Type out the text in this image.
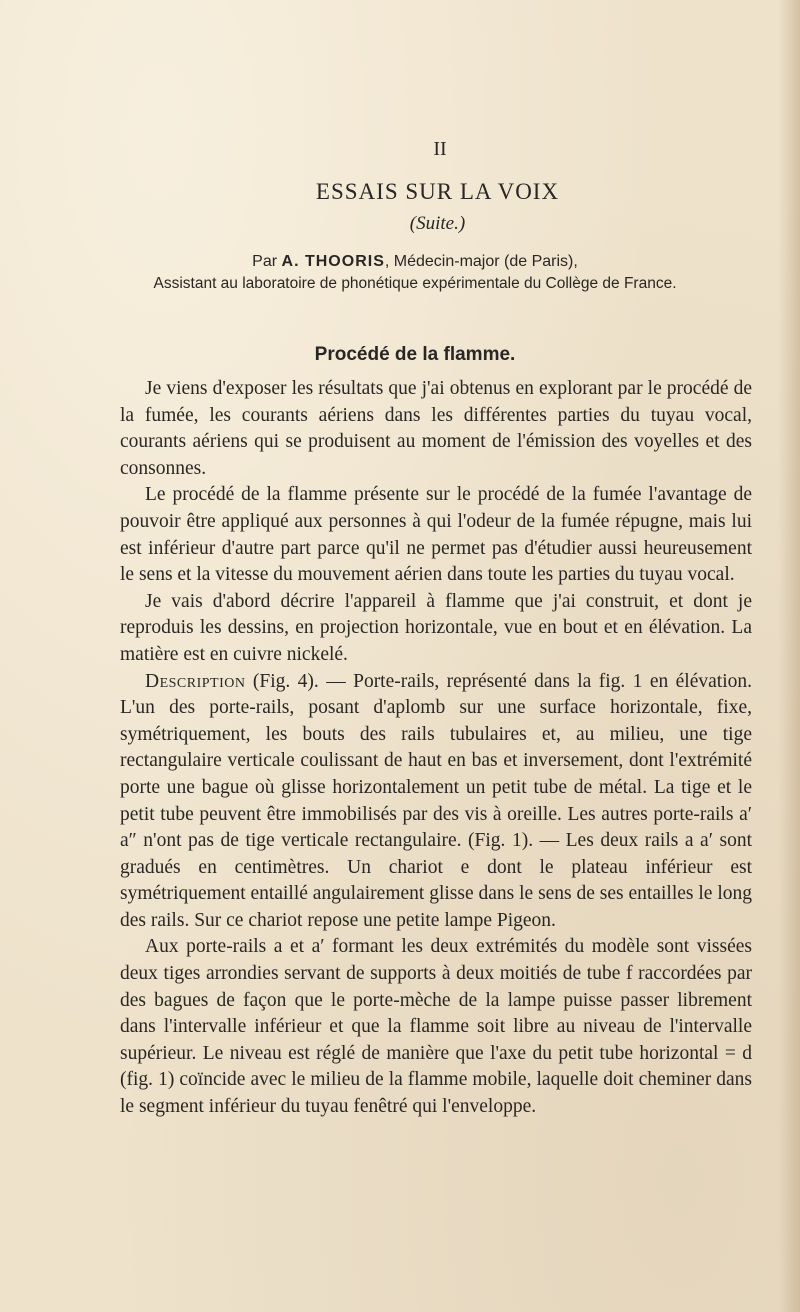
II
ESSAIS SUR LA VOIX
(Suite.)
Par A. THOORIS, Médecin-major (de Paris),
Assistant au laboratoire de phonétique expérimentale du Collège de France.
Procédé de la flamme.

Je viens d'exposer les résultats que j'ai obtenus en explorant par le procédé de la fumée, les courants aériens dans les différentes parties du tuyau vocal, courants aériens qui se produisent au moment de l'émission des voyelles et des consonnes.

Le procédé de la flamme présente sur le procédé de la fumée l'avantage de pouvoir être appliqué aux personnes à qui l'odeur de la fumée répugne, mais lui est inférieur d'autre part parce qu'il ne permet pas d'étudier aussi heureusement le sens et la vitesse du mouvement aérien dans toute les parties du tuyau vocal.

Je vais d'abord décrire l'appareil à flamme que j'ai construit, et dont je reproduis les dessins, en projection horizontale, vue en bout et en élévation. La matière est en cuivre nickelé.

Description (Fig. 4). — Porte-rails, représenté dans la fig. 1 en élévation. L'un des porte-rails, posant d'aplomb sur une surface horizontale, fixe, symétriquement, les bouts des rails tubulaires et, au milieu, une tige rectangulaire verticale coulissant de haut en bas et inversement, dont l'extrémité porte une bague où glisse horizontalement un petit tube de métal. La tige et le petit tube peuvent être immobilisés par des vis à oreille. Les autres porte-rails a′ a″ n'ont pas de tige verticale rectangulaire. (Fig. 1). — Les deux rails a a′ sont gradués en centimètres. Un chariot e dont le plateau inférieur est symétriquement entaillé angulairement glisse dans le sens de ses entailles le long des rails. Sur ce chariot repose une petite lampe Pigeon.

Aux porte-rails a et a′ formant les deux extrémités du modèle sont vissées deux tiges arrondies servant de supports à deux moitiés de tube f raccordées par des bagues de façon que le porte-mèche de la lampe puisse passer librement dans l'intervalle inférieur et que la flamme soit libre au niveau de l'intervalle supérieur. Le niveau est réglé de manière que l'axe du petit tube horizontal = d (fig. 1) coïncide avec le milieu de la flamme mobile, laquelle doit cheminer dans le segment inférieur du tuyau fenêtré qui l'enveloppe.
